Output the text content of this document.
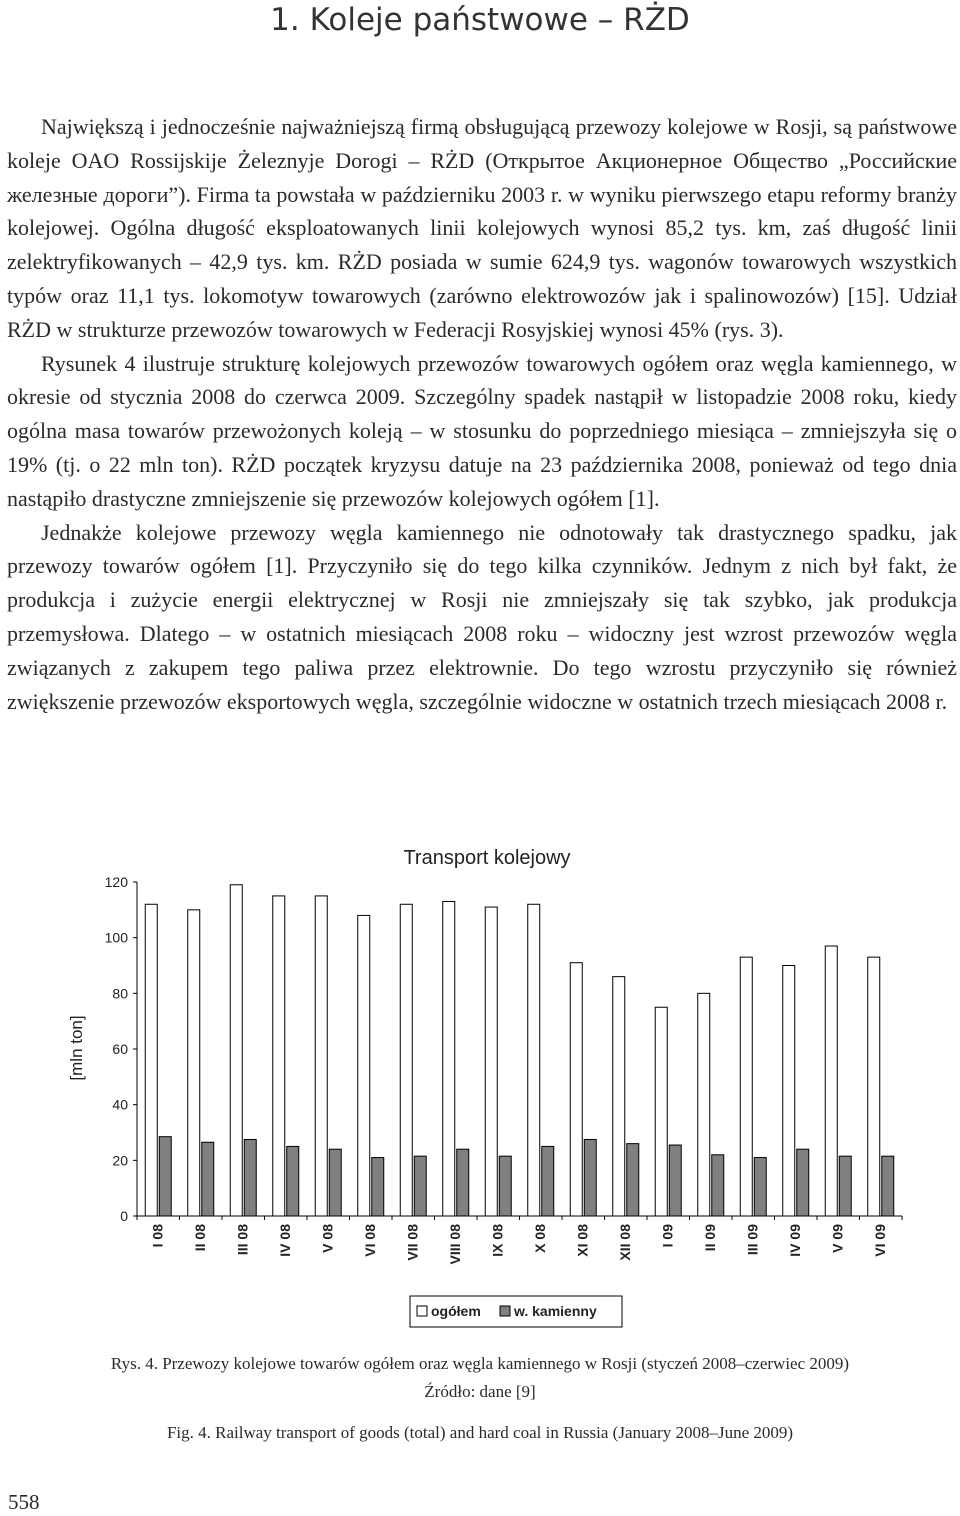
1. Koleje państwowe – RŻD

Największą i jednocześnie najważniejszą firmą obsługującą przewozy kolejowe w Rosji, są państwowe koleje OAO Rossijskije Żeleznyje Dorogi – RŻD (Открытое Акционерное Общество „Российские железные дороги”). Firma ta powstała w październiku 2003 r. w wyniku pierwszego etapu reformy branży kolejowej. Ogólna długość eksploatowanych linii kolejowych wynosi 85,2 tys. km, zaś długość linii zelektryfikowanych – 42,9 tys. km. RŻD posiada w sumie 624,9 tys. wagonów towarowych wszystkich typów oraz 11,1 tys. lokomotyw towarowych (zarówno elektrowozów jak i spalinowozów) [15]. Udział RŻD w strukturze przewozów towarowych w Federacji Rosyjskiej wynosi 45% (rys. 3).

Rysunek 4 ilustruje strukturę kolejowych przewozów towarowych ogółem oraz węgla kamiennego, w okresie od stycznia 2008 do czerwca 2009. Szczególny spadek nastąpił w listopadzie 2008 roku, kiedy ogólna masa towarów przewożonych koleją – w stosunku do poprzedniego miesiąca – zmniejszyła się o 19% (tj. o 22 mln ton). RŻD początek kryzysu datuje na 23 października 2008, ponieważ od tego dnia nastąpiło drastyczne zmniejszenie się przewozów kolejowych ogółem [1].

Jednakże kolejowe przewozy węgla kamiennego nie odnotowały tak drastycznego spadku, jak przewozy towarów ogółem [1]. Przyczyniło się do tego kilka czynników. Jednym z nich był fakt, że produkcja i zużycie energii elektrycznej w Rosji nie zmniejszały się tak szybko, jak produkcja przemysłowa. Dlatego – w ostatnich miesiącach 2008 roku – widoczny jest wzrost przewozów węgla związanych z zakupem tego paliwa przez elektrownie. Do tego wzrostu przyczyniło się również zwiększenie przewozów eksportowych węgla, szczególnie widoczne w ostatnich trzech miesiącach 2008 r.

Transport kolejowy
[mln ton]
0
20
40
60
80
100
120
I 08 II 08 III 08 IV 08 V 08 VI 08 VII 08 VIII 08 IX 08 X 08 XI 08 XII 08 I 09 II 09 III 09 IV 09 V 09 VI 09
ogółem w. kamienny
Rys. 4. Przewozy kolejowe towarów ogółem oraz węgla kamiennego w Rosji (styczeń 2008–czerwiec 2009)
Źródło: dane [9]
Fig. 4. Railway transport of goods (total) and hard coal in Russia (January 2008–June 2009)
558
